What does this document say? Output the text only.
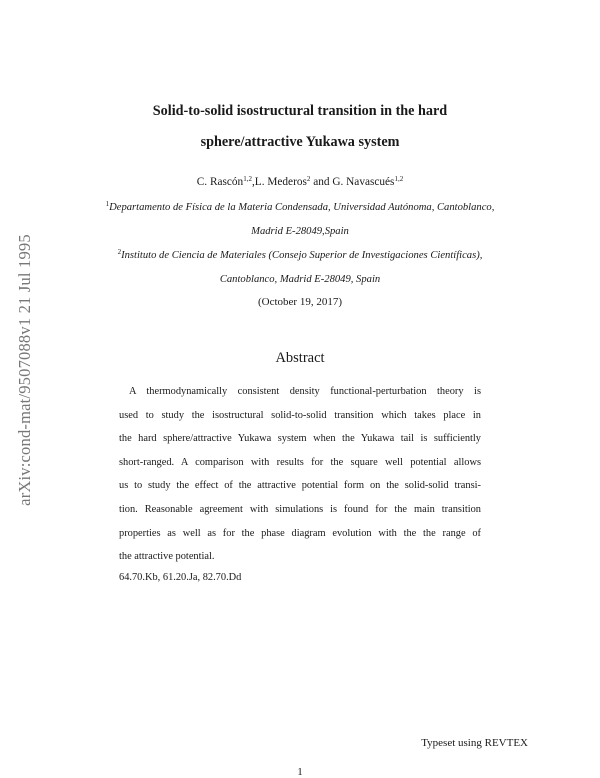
arXiv:cond-mat/9507088v1 21 Jul 1995
Solid-to-solid isostructural transition in the hard
sphere/attractive Yukawa system
C. Rascón$^{1,2}$,L. Mederos$^2$ and G. Navascués$^{1,2}$
$^1$Departamento de Física de la Materia Condensada, Universidad Autónoma, Cantoblanco,
Madrid E-28049,Spain
$^2$Instituto de Ciencia de Materiales (Consejo Superior de Investigaciones Científicas),
Cantoblanco, Madrid E-28049, Spain
(October 19, 2017)
Abstract
A thermodynamically consistent density functional-perturbation theory is
used to study the isostructural solid-to-solid transition which takes place in
the hard sphere/attractive Yukawa system when the Yukawa tail is sufficiently
short-ranged. A comparison with results for the square well potential allows
us to study the effect of the attractive potential form on the solid-solid transi-
tion. Reasonable agreement with simulations is found for the main transition
properties as well as for the phase diagram evolution with the the range of
the attractive potential.
64.70.Kb, 61.20.Ja, 82.70.Dd
Typeset using REVTEX
1
